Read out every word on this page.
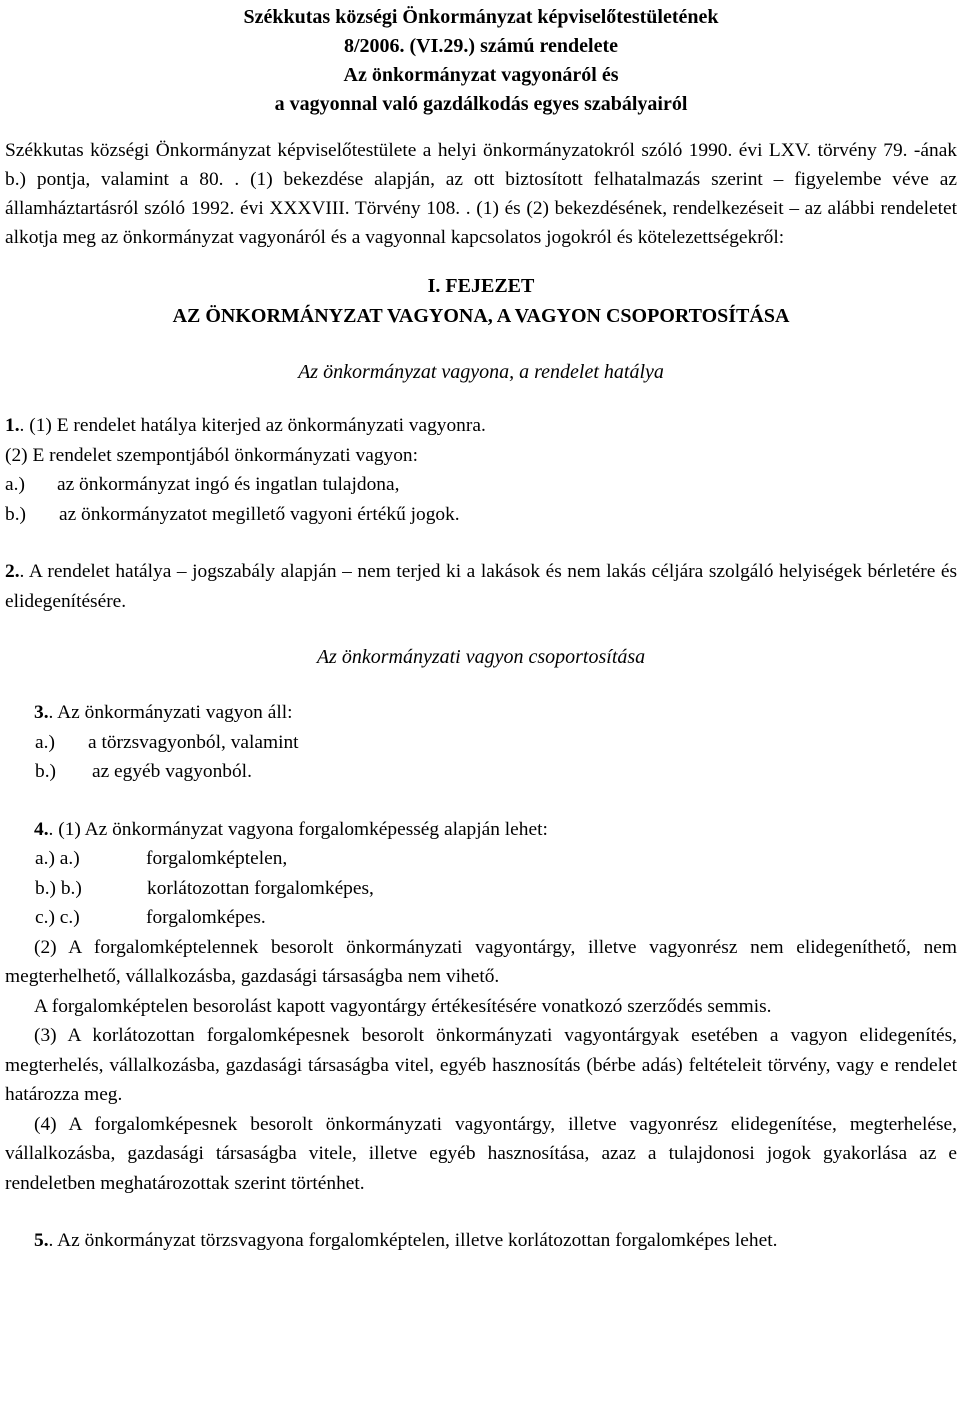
Székkutas községi Önkormányzat képviselőtestületének
8/2006. (VI.29.) számú rendelete
Az önkormányzat vagyonáról és
a vagyonnal való gazdálkodás egyes szabályairól

Székkutas községi Önkormányzat képviselőtestülete a helyi önkormányzatokról szóló 1990. évi LXV. törvény 79. -ának b.) pontja, valamint a 80. . (1) bekezdése alapján, az ott biztosított felhatalmazás szerint – figyelembe véve az államháztartásról szóló 1992. évi XXXVIII. Törvény 108. . (1) és (2) bekezdésének, rendelkezéseit – az alábbi rendeletet alkotja meg az önkormányzat vagyonáról és a vagyonnal kapcsolatos jogokról és kötelezettségekről:

I. FEJEZET
AZ ÖNKORMÁNYZAT VAGYONA, A VAGYON CSOPORTOSÍTÁSA
Az önkormányzat vagyona, a rendelet hatálya
1.. (1) E rendelet hatálya kiterjed az önkormányzati vagyonra.
(2) E rendelet szempontjából önkormányzati vagyon:
a.)	az önkormányzat ingó és ingatlan tulajdona,
b.)	az önkormányzatot megillető vagyoni értékű jogok.

2.. A rendelet hatálya – jogszabály alapján – nem terjed ki a lakások és nem lakás céljára szolgáló helyiségek bérletére és elidegenítésére.

Az önkormányzati vagyon csoportosítása
3.. Az önkormányzati vagyon áll:
a.)	a törzsvagyonból, valamint
b.)	az egyéb vagyonból.
4.. (1) Az önkormányzat vagyona forgalomképesség alapján lehet:
a.) a.)	forgalomképtelen,
b.) b.)	korlátozottan forgalomképes,
c.) c.)	forgalomképes.

(2) A forgalomképtelennek besorolt önkormányzati vagyontárgy, illetve vagyonrész nem elidegeníthető, nem megterhelhető, vállalkozásba, gazdasági társaságba nem vihető.

A forgalomképtelen besorolást kapott vagyontárgy értékesítésére vonatkozó szerződés semmis.

(3) A korlátozottan forgalomképesnek besorolt önkormányzati vagyontárgyak esetében a vagyon elidegenítés, megterhelés, vállalkozásba, gazdasági társaságba vitel, egyéb hasznosítás (bérbe adás) feltételeit törvény, vagy e rendelet határozza meg.

(4) A forgalomképesnek besorolt önkormányzati vagyontárgy, illetve vagyonrész elidegenítése, megterhelése, vállalkozásba, gazdasági társaságba vitele, illetve egyéb hasznosítása, azaz a tulajdonosi jogok gyakorlása az e rendeletben meghatározottak szerint történhet.

5.. Az önkormányzat törzsvagyona forgalomképtelen, illetve korlátozottan forgalomképes lehet.
